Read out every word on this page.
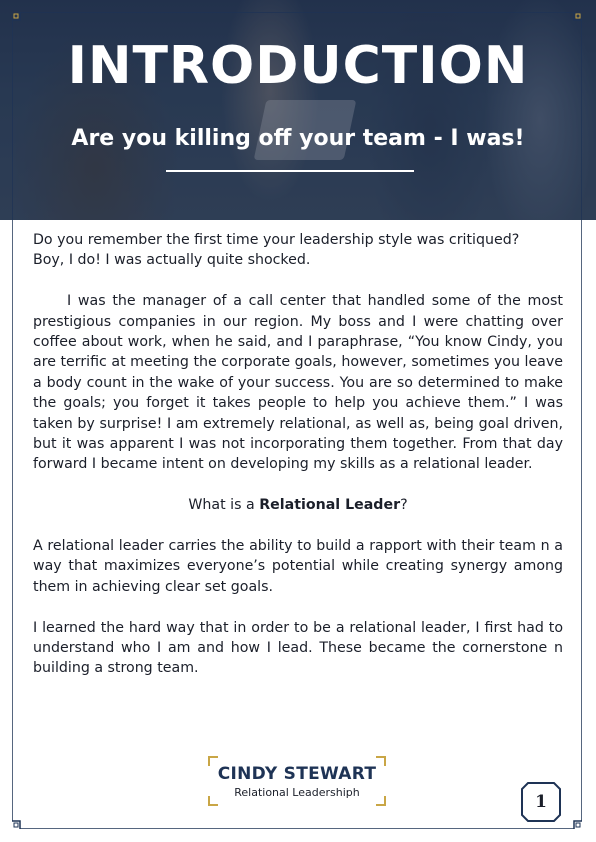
INTRODUCTION
Are you killing off your team - I was!

Do you remember the first time your leadership style was critiqued?

Boy, I do! I was actually quite shocked.

I was the manager of a call center that handled some of the most prestigious companies in our region. My boss and I were chatting over coffee about work, when he said, and I paraphrase, “You know Cindy, you are terrific at meeting the corporate goals, however, sometimes you leave a body count in the wake of your success. You are so determined to make the goals; you forget it takes people to help you achieve them.” I was taken by surprise! I am extremely relational, as well as, being goal driven, but it was apparent I was not incorporating them together. From that day forward I became intent on developing my skills as a relational leader.

What is a Relational Leader?

A relational leader carries the ability to build a rapport with their team n a way that maximizes everyone’s potential while creating synergy among them in achieving clear set goals.

I learned the hard way that in order to be a relational leader, I first had to understand who I am and how I lead. These became the cornerstone n building a strong team.

CINDY STEWART
Relational Leadershiph	1
